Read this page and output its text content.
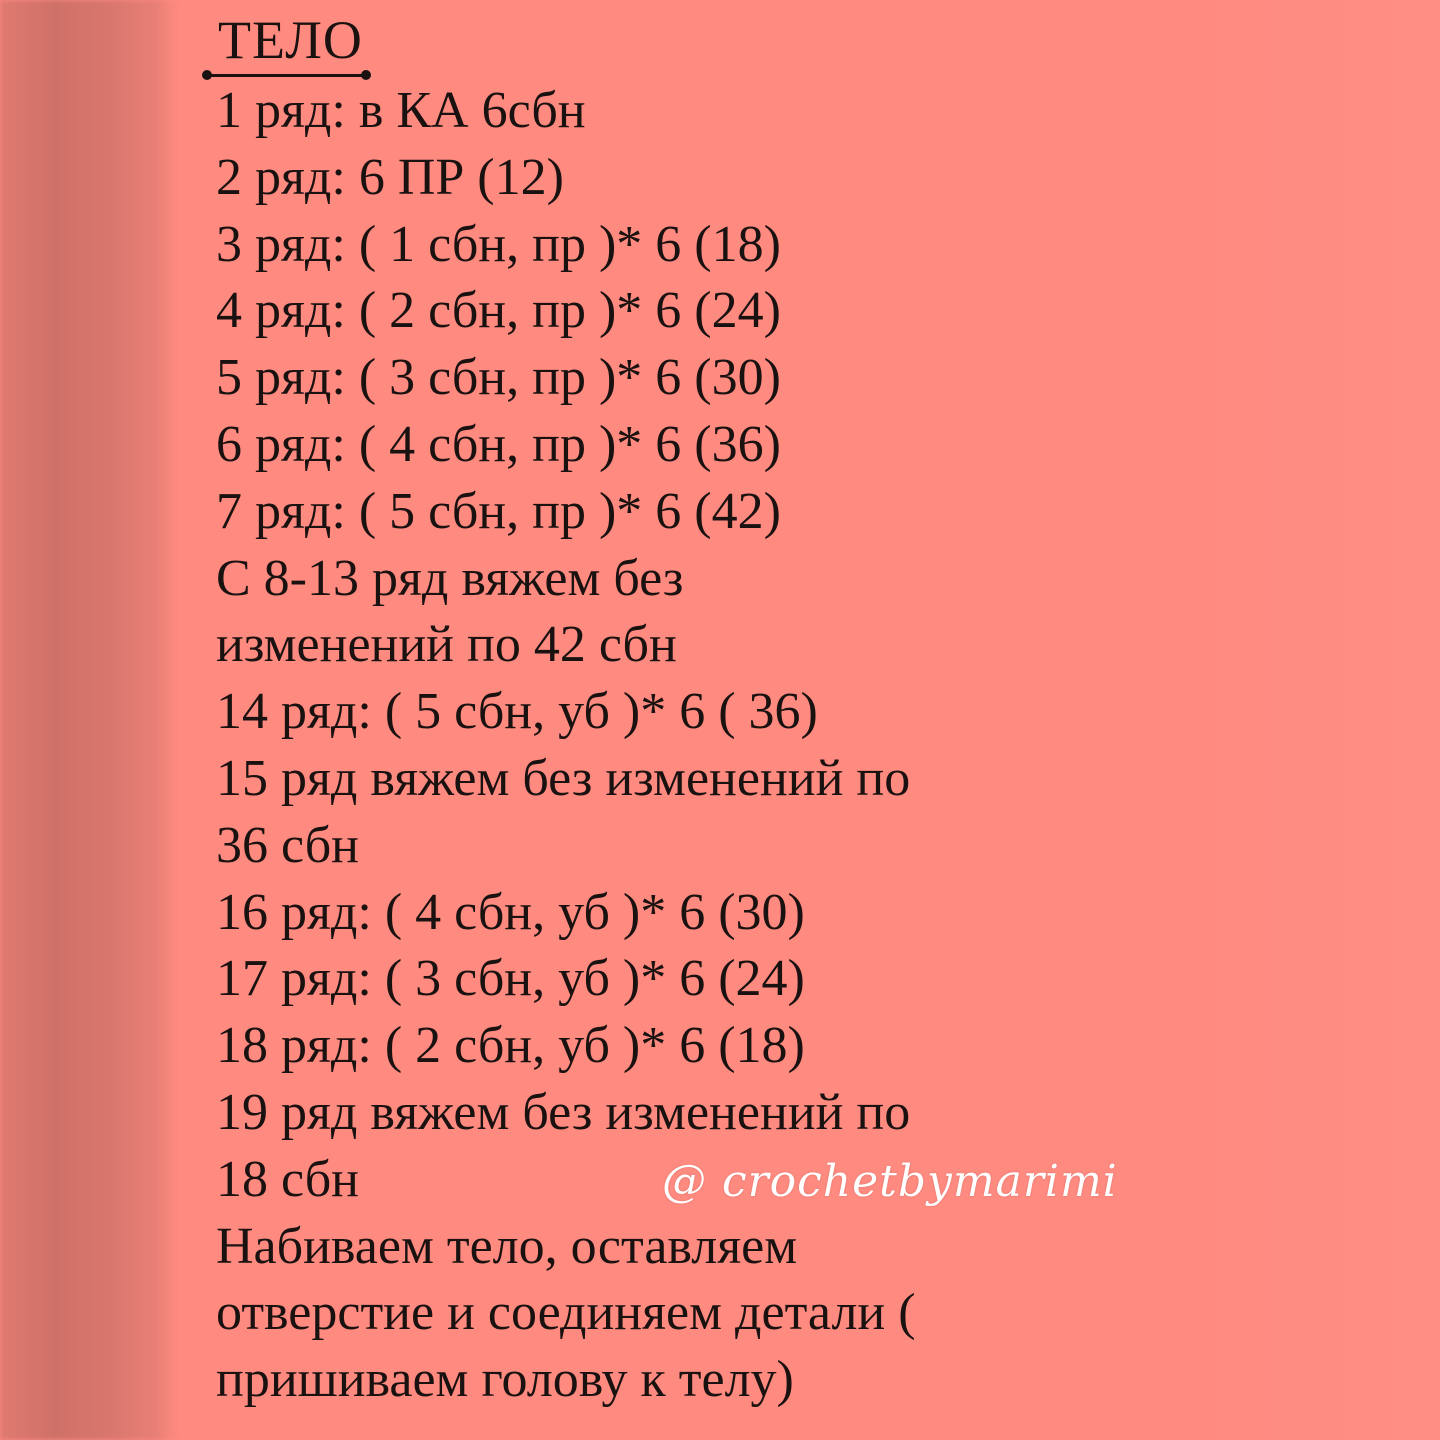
ТЕЛО
1 ряд: в КА 6сбн
2 ряд: 6 ПР (12)
3 ряд: ( 1 сбн, пр )* 6 (18)
4 ряд: ( 2 сбн, пр )* 6 (24)
5 ряд: ( 3 сбн, пр )* 6 (30)
6 ряд: ( 4 сбн, пр )* 6 (36)
7 ряд: ( 5 сбн, пр )* 6 (42)
С 8-13 ряд вяжем без
изменений по 42 сбн
14 ряд: ( 5 сбн, уб )* 6 ( 36)
15 ряд вяжем без изменений по
36 сбн
16 ряд: ( 4 сбн, уб )* 6 (30)
17 ряд: ( 3 сбн, уб )* 6 (24)
18 ряд: ( 2 сбн, уб )* 6 (18)
19 ряд вяжем без изменений по
18 сбн
Набиваем тело, оставляем
отверстие и соединяем детали (
пришиваем голову к телу)
@ crochetbymarimi
